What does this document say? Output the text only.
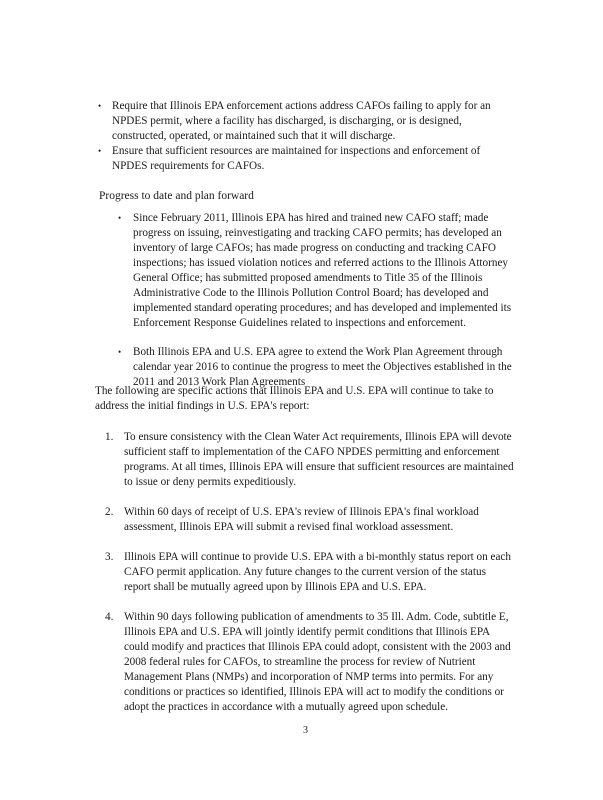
• Require that Illinois EPA enforcement actions address CAFOs failing to apply for an NPDES permit, where a facility has discharged, is discharging, or is designed, constructed, operated, or maintained such that it will discharge.
• Ensure that sufficient resources are maintained for inspections and enforcement of NPDES requirements for CAFOs.
Progress to date and plan forward
• Since February 2011, Illinois EPA has hired and trained new CAFO staff; made progress on issuing, reinvestigating and tracking CAFO permits; has developed an inventory of large CAFOs; has made progress on conducting and tracking CAFO inspections; has issued violation notices and referred actions to the Illinois Attorney General Office; has submitted proposed amendments to Title 35 of the Illinois Administrative Code to the Illinois Pollution Control Board; has developed and implemented standard operating procedures; and has developed and implemented its Enforcement Response Guidelines related to inspections and enforcement.
• Both Illinois EPA and U.S. EPA agree to extend the Work Plan Agreement through calendar year 2016 to continue the progress to meet the Objectives established in the 2011 and 2013 Work Plan Agreements

The following are specific actions that Illinois EPA and U.S. EPA will continue to take to address the initial findings in U.S. EPA's report:

1. To ensure consistency with the Clean Water Act requirements, Illinois EPA will devote sufficient staff to implementation of the CAFO NPDES permitting and enforcement programs. At all times, Illinois EPA will ensure that sufficient resources are maintained to issue or deny permits expeditiously.
2. Within 60 days of receipt of U.S. EPA's review of Illinois EPA's final workload assessment, Illinois EPA will submit a revised final workload assessment.
3. Illinois EPA will continue to provide U.S. EPA with a bi-monthly status report on each CAFO permit application. Any future changes to the current version of the status report shall be mutually agreed upon by Illinois EPA and U.S. EPA.
4. Within 90 days following publication of amendments to 35 Ill. Adm. Code, subtitle E, Illinois EPA and U.S. EPA will jointly identify permit conditions that Illinois EPA could modify and practices that Illinois EPA could adopt, consistent with the 2003 and 2008 federal rules for CAFOs, to streamline the process for review of Nutrient Management Plans (NMPs) and incorporation of NMP terms into permits. For any conditions or practices so identified, Illinois EPA will act to modify the conditions or adopt the practices in accordance with a mutually agreed upon schedule.

3
